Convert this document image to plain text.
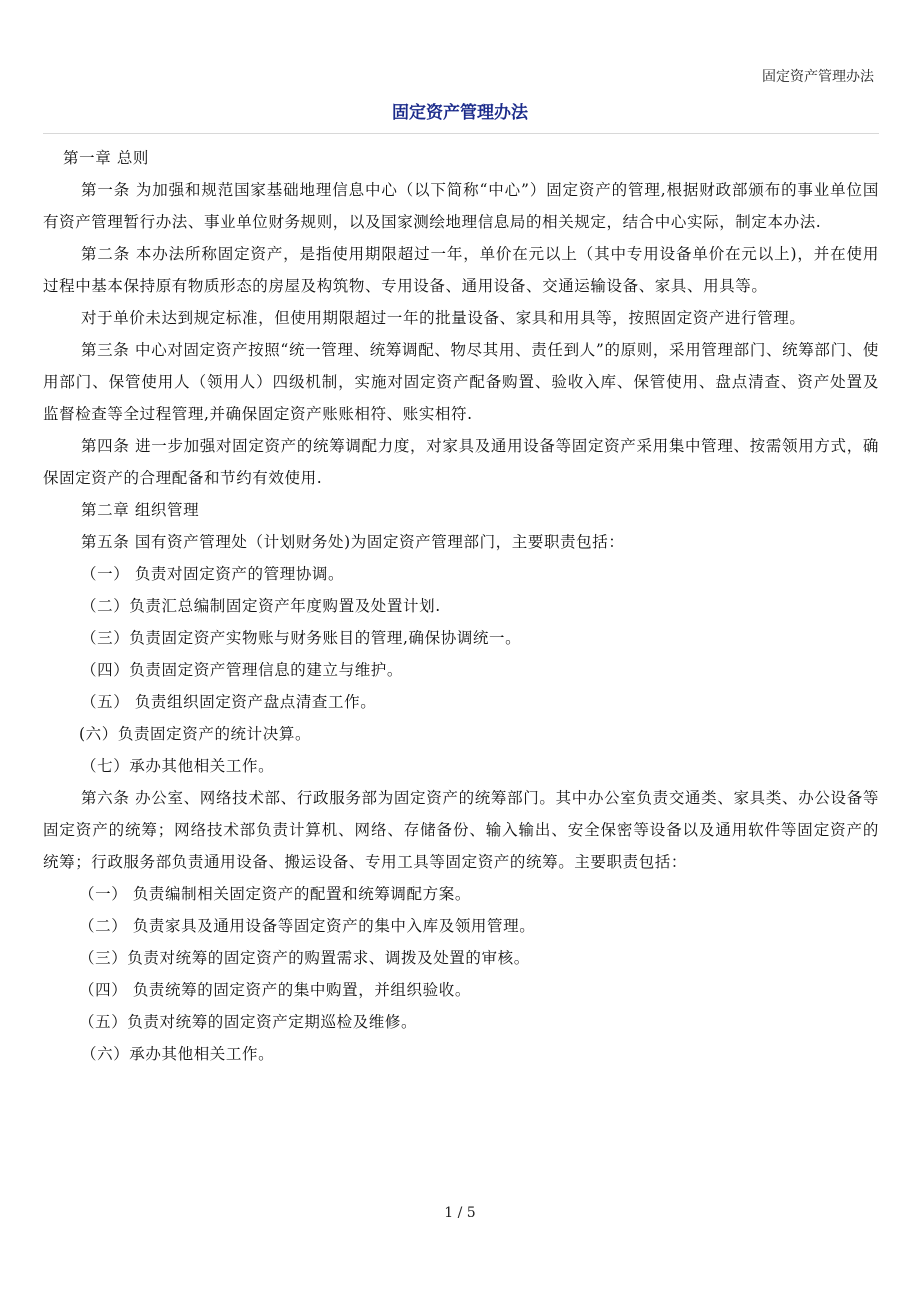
固定资产管理办法
固定资产管理办法

第一章 总则

第一条 为加强和规范国家基础地理信息中心（以下简称“中心”）固定资产的管理,根据财政部颁布的事业单位国有资产管理暂行办法、事业单位财务规则，以及国家测绘地理信息局的相关规定，结合中心实际，制定本办法.

第二条 本办法所称固定资产，是指使用期限超过一年，单价在元以上（其中专用设备单价在元以上)，并在使用过程中基本保持原有物质形态的房屋及构筑物、专用设备、通用设备、交通运输设备、家具、用具等。

对于单价未达到规定标准，但使用期限超过一年的批量设备、家具和用具等，按照固定资产进行管理。

第三条 中心对固定资产按照“统一管理、统筹调配、物尽其用、责任到人”的原则，采用管理部门、统筹部门、使用部门、保管使用人（领用人）四级机制，实施对固定资产配备购置、验收入库、保管使用、盘点清查、资产处置及监督检查等全过程管理,并确保固定资产账账相符、账实相符.

第四条 进一步加强对固定资产的统筹调配力度，对家具及通用设备等固定资产采用集中管理、按需领用方式，确保固定资产的合理配备和节约有效使用.

第二章 组织管理

第五条 国有资产管理处（计划财务处)为固定资产管理部门，主要职责包括：

（一） 负责对固定资产的管理协调。

（二）负责汇总编制固定资产年度购置及处置计划.

（三）负责固定资产实物账与财务账目的管理,确保协调统一。

（四）负责固定资产管理信息的建立与维护。

（五） 负责组织固定资产盘点清查工作。

(六）负责固定资产的统计决算。

（七）承办其他相关工作。

第六条 办公室、网络技术部、行政服务部为固定资产的统筹部门。其中办公室负责交通类、家具类、办公设备等固定资产的统筹；网络技术部负责计算机、网络、存储备份、输入输出、安全保密等设备以及通用软件等固定资产的统筹；行政服务部负责通用设备、搬运设备、专用工具等固定资产的统筹。主要职责包括：

（一） 负责编制相关固定资产的配置和统筹调配方案。

（二） 负责家具及通用设备等固定资产的集中入库及领用管理。

（三）负责对统筹的固定资产的购置需求、调拨及处置的审核。

（四） 负责统筹的固定资产的集中购置，并组织验收。

（五）负责对统筹的固定资产定期巡检及维修。

（六）承办其他相关工作。

1 / 5
